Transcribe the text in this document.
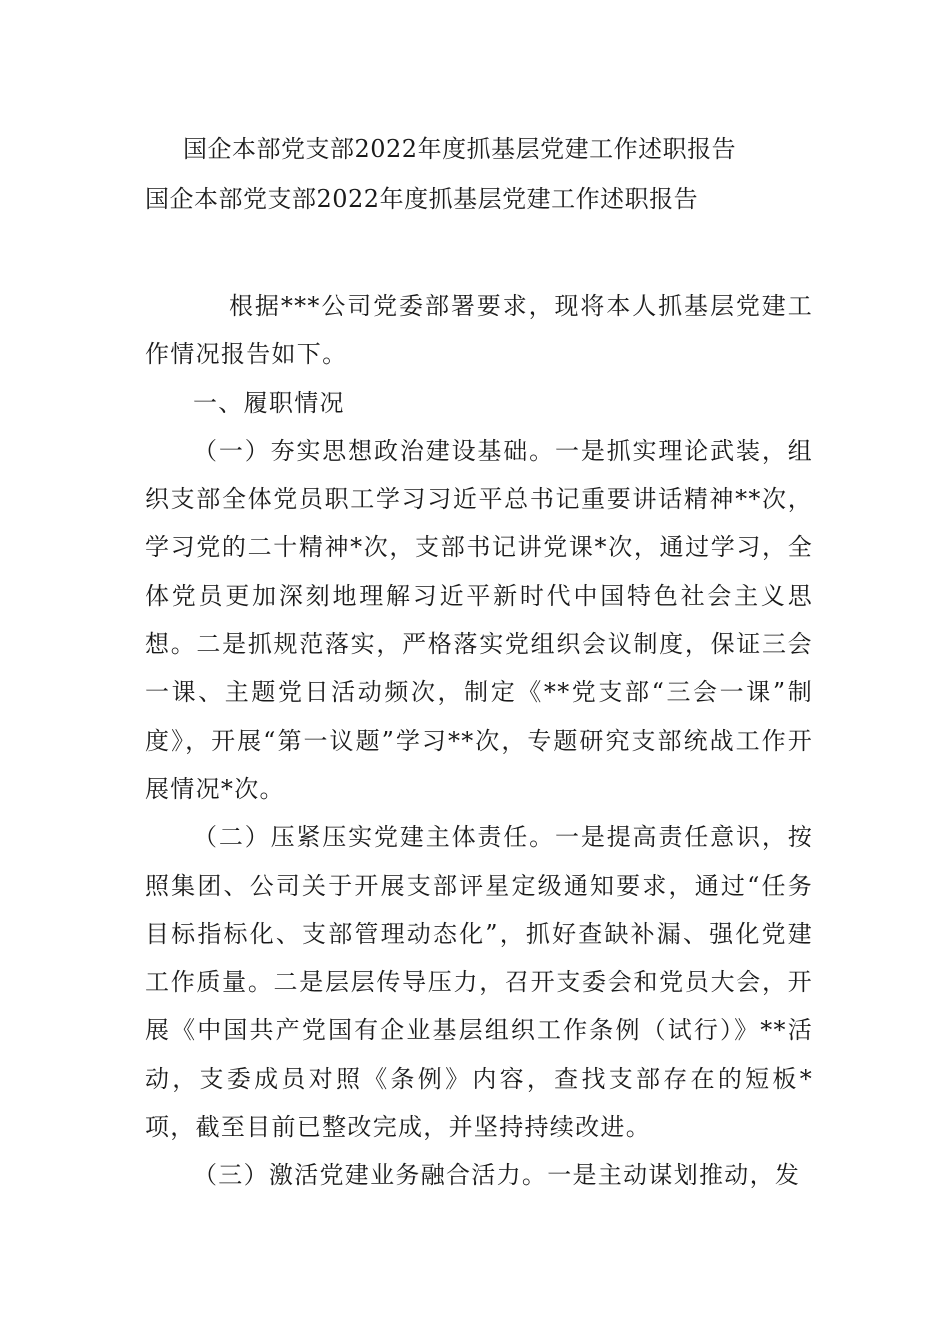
国企本部党支部2022年度抓基层党建工作述职报告
国企本部党支部2022年度抓基层党建工作述职报告

根据***公司党委部署要求，现将本人抓基层党建工作情况报告如下。

一、履职情况

（一）夯实思想政治建设基础。一是抓实理论武装，组织支部全体党员职工学习习近平总书记重要讲话精神**次，学习党的二十精神*次，支部书记讲党课*次，通过学习，全体党员更加深刻地理解习近平新时代中国特色社会主义思想。二是抓规范落实，严格落实党组织会议制度，保证三会一课、主题党日活动频次，制定《**党支部“三会一课”制度》，开展“第一议题”学习**次，专题研究支部统战工作开展情况*次。

（二）压紧压实党建主体责任。一是提高责任意识，按照集团、公司关于开展支部评星定级通知要求，通过“任务目标指标化、支部管理动态化”，抓好查缺补漏、强化党建工作质量。二是层层传导压力，召开支委会和党员大会，开展《中国共产党国有企业基层组织工作条例（试行）》**活动，支委成员对照《条例》内容，查找支部存在的短板*项，截至目前已整改完成，并坚持持续改进。

（三）激活党建业务融合活力。一是主动谋划推动，发
